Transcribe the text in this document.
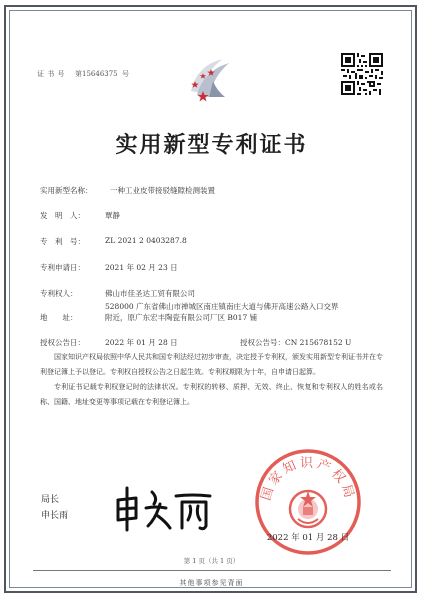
证 书 号 第15646375 号
实用新型专利证书
实用新型名称： 一种工业皮带接驳缝隙检测装置
发　明　人：	覃静
专　利　号：	ZL 2021 2 0403287.8
专利申请日：	2021 年 02 月 23 日
专利权人：	佛山市佳圣达工贸有限公司
地　　址：
528000 广东省佛山市禅城区南庄镇南庄大道与佛开高速公路入口交界附近，原广东宏丰陶瓷有限公司厂区 B017 铺
授权公告日：	2022 年 01 月 28 日	授权公告号：CN 215678152 U

国家知识产权局依照中华人民共和国专利法经过初步审查，决定授予专利权，颁发实用新型专利证书并在专利登记簿上予以登记。专利权自授权公告之日起生效。专利权期限为十年，自申请日起算。

专利证书记载专利权登记时的法律状况。专利权的转移、质押、无效、终止、恢复和专利权人的姓名或名称、国籍、地址变更等事项记载在专利登记簿上。

局长
申长雨
国家知识产权局
2022 年 01 月 28 日
第 1 页（共 1 页）
其他事项参见背面
